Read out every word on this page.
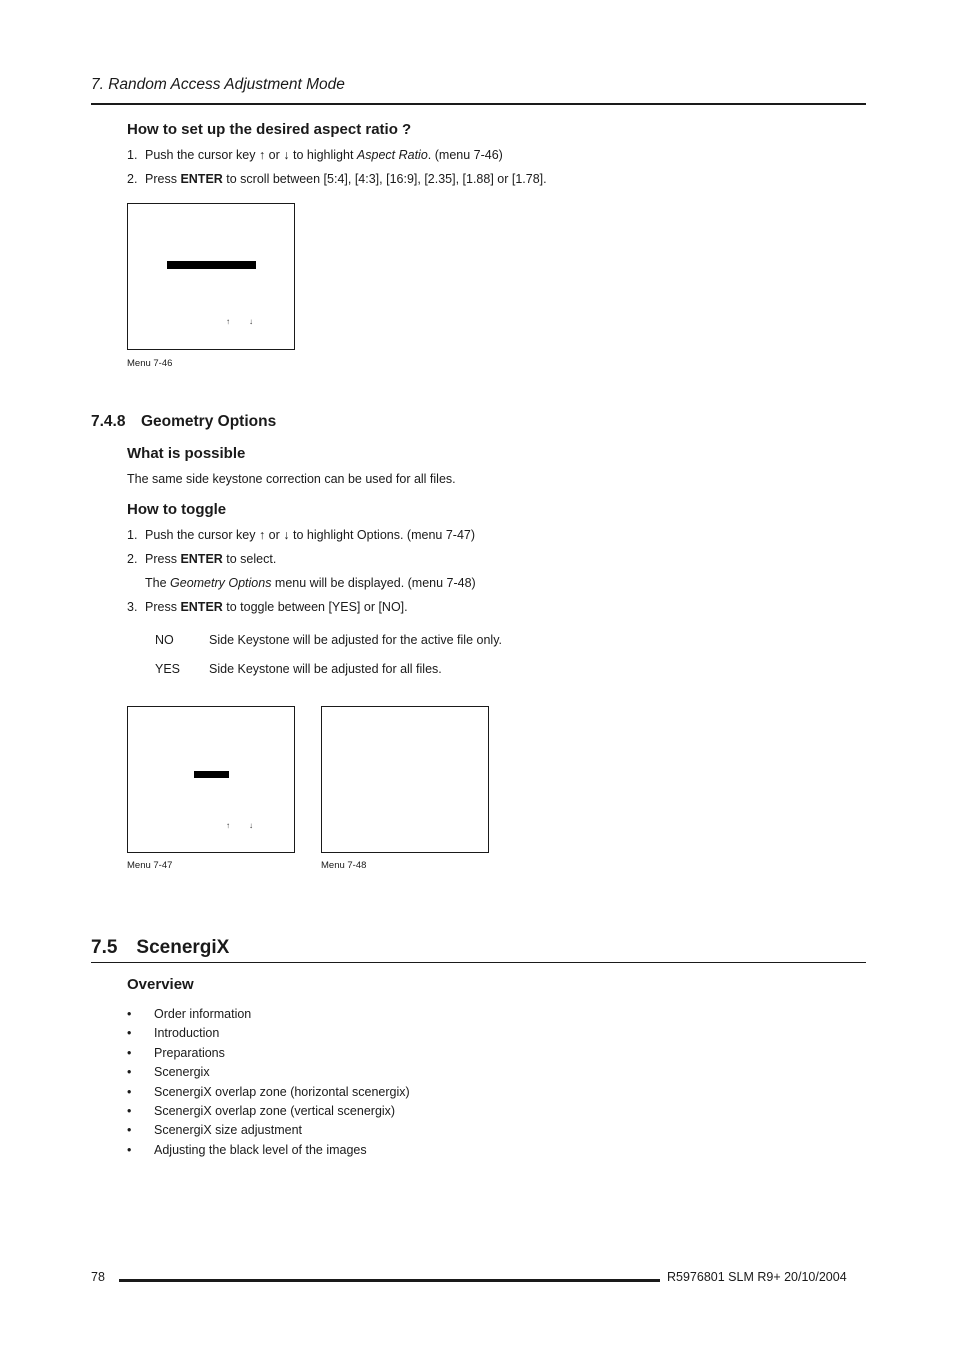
7. Random Access Adjustment Mode
How to set up the desired aspect ratio ?
1. Push the cursor key ↑ or ↓ to highlight Aspect Ratio. (menu 7-46)
2. Press ENTER to scroll between [5:4], [4:3], [16:9], [2.35], [1.88] or [1.78].
↑ ↓
Menu 7-46
7.4.8 Geometry Options
What is possible
The same side keystone correction can be used for all files.
How to toggle
1. Push the cursor key ↑ or ↓ to highlight Options. (menu 7-47)
2. Press ENTER to select.
The Geometry Options menu will be displayed. (menu 7-48)
3. Press ENTER to toggle between [YES] or [NO].
NO	Side Keystone will be adjusted for the active file only.
YES Side Keystone will be adjusted for all files.
↑ ↓
Menu 7-47	Menu 7-48
7.5 ScenergiX
Overview
• Order information
• Introduction
• Preparations
• Scenergix
• ScenergiX overlap zone (horizontal scenergix)
• ScenergiX overlap zone (vertical scenergix)
• ScenergiX size adjustment
• Adjusting the black level of the images
78	R5976801 SLM R9+ 20/10/2004
